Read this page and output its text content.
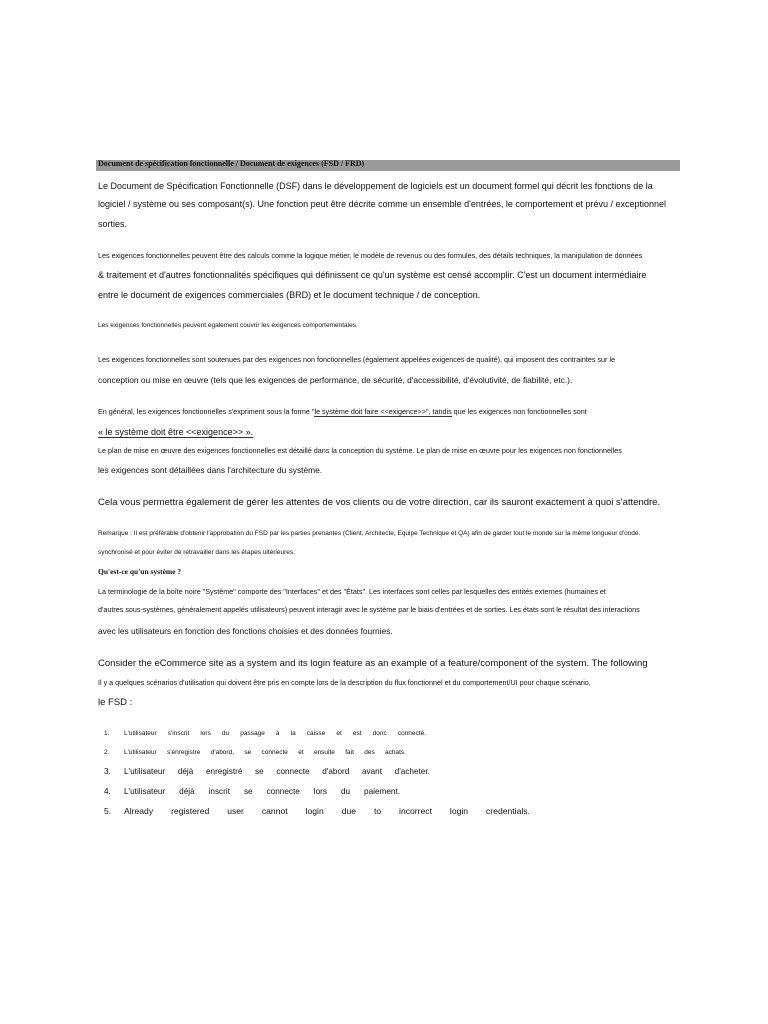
Document de spécification fonctionnelle / Document de exigences (FSD / FRD)
Le Document de Spécification Fonctionnelle (DSF) dans le développement de logiciels est un document formel qui décrit les fonctions de la
logiciel / système ou ses composant(s). Une fonction peut être décrite comme un ensemble d'entrées, le comportement et prévu / exceptionnel
sorties.
Les exigences fonctionnelles peuvent être des calculs comme la logique métier, le modèle de revenus ou des formules, des détails techniques, la manipulation de données
& traitement et d'autres fonctionnalités spécifiques qui définissent ce qu'un système est censé accomplir. C'est un document intermédiaire
entre le document de exigences commerciales (BRD) et le document technique / de conception.
Les exigences fonctionnelles peuvent également couvrir les exigences comportementales.
Les exigences fonctionnelles sont soutenues par des exigences non fonctionnelles (également appelées exigences de qualité), qui imposent des contraintes sur le
conception ou mise en œuvre (tels que les exigences de performance, de sécurité, d'accessibilité, d'évolutivité, de fiabilité, etc.).
En général, les exigences fonctionnelles s'expriment sous la forme "le système doit faire <<exigence>>", tandis que les exigences non fonctionnelles sont
« le système doit être <<exigence>> ».
Le plan de mise en œuvre des exigences fonctionnelles est détaillé dans la conception du système. Le plan de mise en œuvre pour les exigences non fonctionnelles
les exigences sont détaillées dans l'architecture du système.
Cela vous permettra également de gérer les attentes de vos clients ou de votre direction, car ils sauront exactement à quoi s'attendre.
Remarque : Il est préférable d'obtenir l'approbation du FSD par les parties prenantes (Client, Architecte, Equipe Technique et QA) afin de garder tout le monde sur la même longueur d'onde.
synchronisé et pour éviter de retravailler dans les étapes ultérieures.
Qu'est-ce qu'un système ?
La terminologie de la boîte noire "Système" comporte des "Interfaces" et des "États". Les interfaces sont celles par lesquelles des entités externes (humaines et
d'autres sous-systèmes, généralement appelés utilisateurs) peuvent interagir avec le système par le biais d'entrées et de sorties. Les états sont le résultat des interactions
avec les utilisateurs en fonction des fonctions choisies et des données fournies.
Consider the eCommerce site as a system and its login feature as an example of a feature/component of the system. The following
Il y a quelques scénarios d'utilisation qui doivent être pris en compte lors de la description du flux fonctionnel et du comportement/UI pour chaque scénario.
le FSD :
1.	L'utilisateur s'inscrit lors du passage à la caisse et est donc connecté.
2.	L'utilisateur s'enregistre d'abord, se connecte et ensuite fait des achats.
3.	L'utilisateur déjà enregistré se connecte d'abord avant d'acheter.
4.	L'utilisateur déjà inscrit se connecte lors du paiement.
5.	Already registered user cannot login due to incorrect login credentials.
